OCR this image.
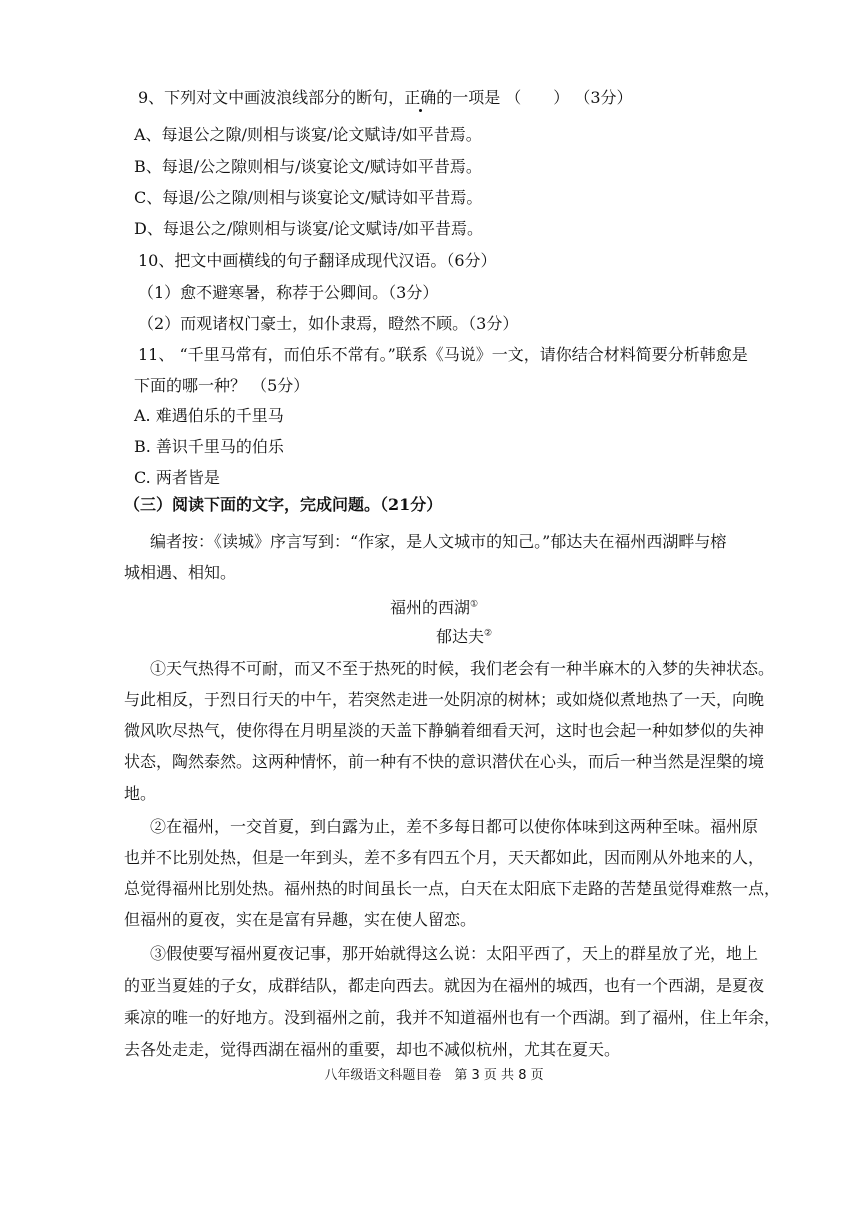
9、下列对文中画波浪线部分的断句，正确的一项是 （　　） （3分）
A、每退公之隙/则相与谈宴/论文赋诗/如平昔焉。
B、每退/公之隙则相与/谈宴论文/赋诗如平昔焉。
C、每退/公之隙/则相与谈宴论文/赋诗如平昔焉。
D、每退公之/隙则相与谈宴/论文赋诗/如平昔焉。
10、把文中画横线的句子翻译成现代汉语。（6分）
（1）愈不避寒暑，称荐于公卿间。（3分）
（2）而观诸权门豪士，如仆隶焉，瞪然不顾。（3分）
11、 “千里马常有，而伯乐不常有。”联系《马说》一文，请你结合材料简要分析韩愈是
下面的哪一种？ （5分）
A. 难遇伯乐的千里马
B. 善识千里马的伯乐
C. 两者皆是
（三）阅读下面的文字，完成问题。（21分）
编者按：《读城》序言写到：“作家，是人文城市的知己。”郁达夫在福州西湖畔与榕
城相遇、相知。
福州的西湖①
郁达夫②
①天气热得不可耐，而又不至于热死的时候，我们老会有一种半麻木的入梦的失神状态。
与此相反，于烈日行天的中午，若突然走进一处阴凉的树林；或如烧似煮地热了一天，向晚
微风吹尽热气，使你得在月明星淡的天盖下静躺着细看天河，这时也会起一种如梦似的失神
状态，陶然泰然。这两种情怀，前一种有不快的意识潜伏在心头，而后一种当然是涅槃的境
地。
②在福州，一交首夏，到白露为止，差不多每日都可以使你体味到这两种至味。福州原
也并不比别处热，但是一年到头，差不多有四五个月，天天都如此，因而刚从外地来的人，
总觉得福州比别处热。福州热的时间虽长一点，白天在太阳底下走路的苦楚虽觉得难熬一点，
但福州的夏夜，实在是富有异趣，实在使人留恋。
③假使要写福州夏夜记事，那开始就得这么说：太阳平西了，天上的群星放了光，地上
的亚当夏娃的子女，成群结队，都走向西去。就因为在福州的城西，也有一个西湖，是夏夜
乘凉的唯一的好地方。没到福州之前，我并不知道福州也有一个西湖。到了福州，住上年余，
去各处走走，觉得西湖在福州的重要，却也不减似杭州，尤其在夏天。
八年级语文科题目卷　第 3 页 共 8 页
